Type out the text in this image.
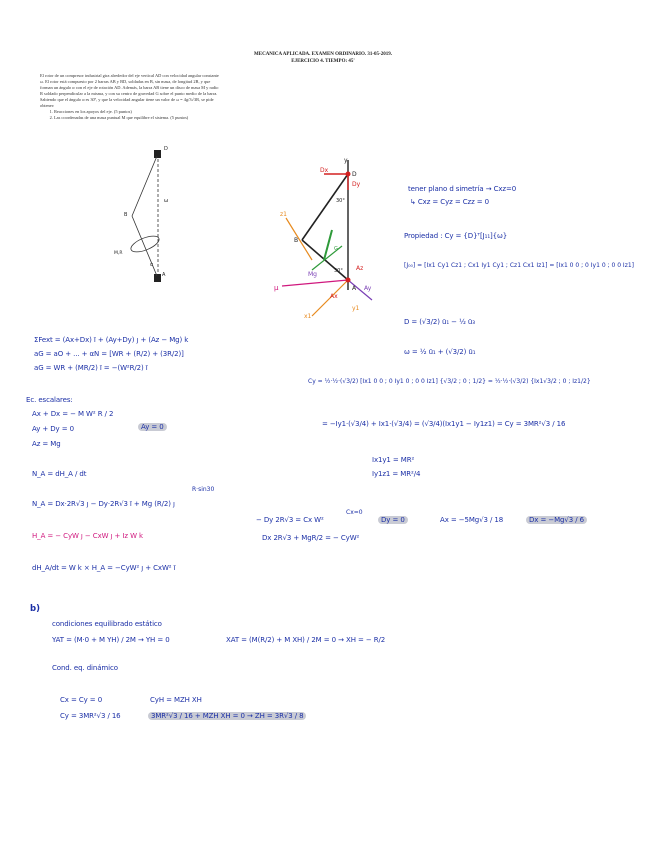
MECANICA APLICADA. EXAMEN ORDINARIO. 31-05-2019.
EJERCICIO 4. TIEMPO: 45'
El rotor de un compresor industrial gira alrededor del eje vertical AD con velocidad angular constante ω. El rotor está compuesto por 2 barras AB y BD, soldadas en B, sin masa, de longitud 2R, y que forman un ángulo α con el eje de rotación AD. Además, la barra AB tiene un disco de masa M y radio R soldado perpendicular a la misma, y con su centro de gravedad G sobre el punto medio de la barra. Sabiendo que el ángulo α es 30º, y que la velocidad angular tiene un valor de ω = 4g/3√3R, se pide obtener:
1. Reacciones en los apoyos del eje. (5 puntos)
2. Las coordenadas de una masa puntual M que equilibre el sistema. (5 puntos)
D
B
A
M,R
α
ω
Dx
Dy
D
y
B
A
G
30°
30° Az
Ax
Ay
Mg
x1
y1
z1
μ
tener plano d simetría → Cxz=0
↳ Cxz = Cyz = Czz = 0
Propiedad : Cy = {D}ᵀ[J₁₁]{ω}
[J₀₀] = [Ix1 Cy1 Cz1 ; Cx1 Iy1 Cy1 ; Cz1 Cx1 Iz1] = [Ix1 0 0 ; 0 Iy1 0 ; 0 0 Iz1]
D = (√3/2) ū₁ − ½ ū₃
ω = ½ ū₁ + (√3/2) ū₁
Cy = ½·½·(√3/2) [Ix1 0 0 ; 0 Iy1 0 ; 0 0 Iz1] {√3/2 ; 0 ; 1/2} = ½·½·(√3/2) {Ix1√3/2 ; 0 ; Iz1/2}
= −Iy1·(√3/4) + Ix1·(√3/4) = (√3/4)(Ix1y1 − Iy1z1) = Cy = 3MR²√3 / 16
Ix1y1 = MR²
Iy1z1 = MR²/4
ΣFext = (Ax+Dx) ī + (Ay+Dy) ȷ + (Az − Mg) k
aG = aO + ... + αN = [WR + (R/2) + (3R/2)]
aG = WR + (MR/2) ī = −(W²R/2) ī
Ec. escalares:
Ax + Dx = − M W² R / 2
Ay + Dy = 0	Ay = 0
Az = Mg
N_A = dH_A / dt
N_A = Dx·2R√3 ȷ − Dy·2R√3 ī + Mg (R/2) ȷ
R·sin30
H_A = − CyW ȷ − CxW ȷ + Iz W k
dH_A/dt = W k × H_A = −CyW² ȷ + CxW² ī
− Dy 2R√3 = Cx W²
Cx=0
Dy = 0	Ax = −5Mg√3 / 18	Dx = −Mg√3 / 6
Dx 2R√3 + MgR/2 = − CyW²
b)
condiciones equilibrado estático
YAT = (M·0 + M YH) / 2M → YH = 0	XAT = (M(R/2) + M XH) / 2M = 0 → XH = − R/2
Cond. eq. dinámico
Cx = Cy = 0	CyH = MZH XH
Cy = 3MR²√3 / 16	3MR²√3 / 16 + MZH XH = 0 → ZH = 3R√3 / 8
